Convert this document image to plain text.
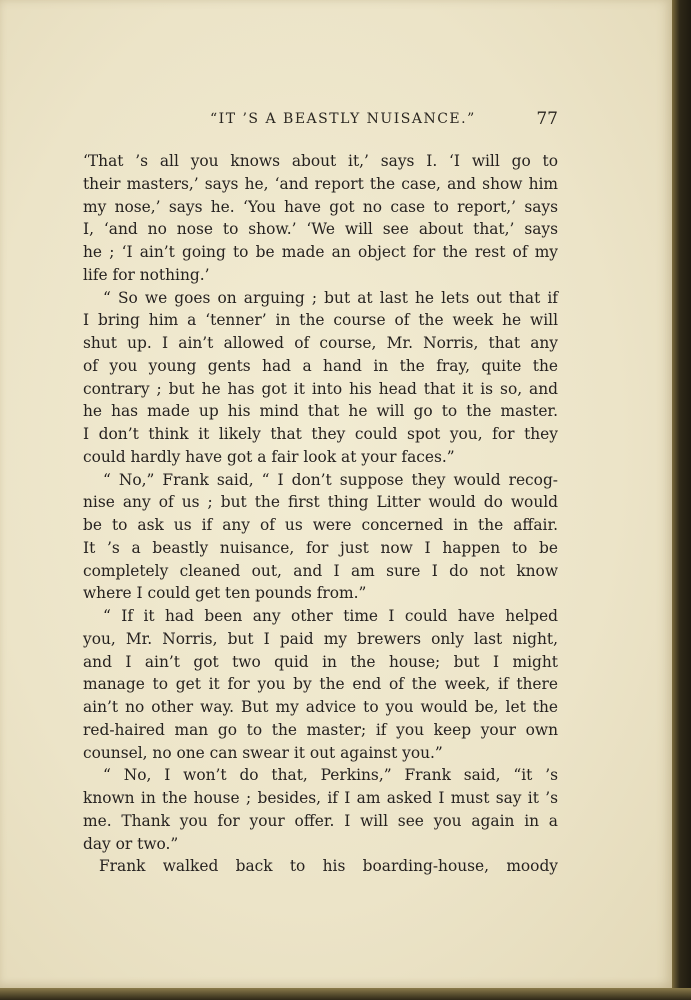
“IT ’S A BEASTLY NUISANCE.”	77
‘That ’s all you knows about it,’ says I. ‘I will go to
their masters,’ says he, ‘and report the case, and show him
my nose,’ says he. ‘You have got no case to report,’ says
I, ‘and no nose to show.’ ‘We will see about that,’ says
he ; ‘I ain’t going to be made an object for the rest of my
life for nothing.’
“ So we goes on arguing ; but at last he lets out that if
I bring him a ‘tenner’ in the course of the week he will
shut up. I ain’t allowed of course, Mr. Norris, that any
of you young gents had a hand in the fray, quite the
contrary ; but he has got it into his head that it is so, and
he has made up his mind that he will go to the master.
I don’t think it likely that they could spot you, for they
could hardly have got a fair look at your faces.”
“ No,” Frank said, “ I don’t suppose they would recog-
nise any of us ; but the first thing Litter would do would
be to ask us if any of us were concerned in the affair.
It ’s a beastly nuisance, for just now I happen to be
completely cleaned out, and I am sure I do not know
where I could get ten pounds from.”
“ If it had been any other time I could have helped
you, Mr. Norris, but I paid my brewers only last night,
and I ain’t got two quid in the house; but I might
manage to get it for you by the end of the week, if there
ain’t no other way. But my advice to you would be, let the
red-haired man go to the master; if you keep your own
counsel, no one can swear it out against you.”
“ No, I won’t do that, Perkins,” Frank said, “it ’s
known in the house ; besides, if I am asked I must say it ’s
me. Thank you for your offer. I will see you again in a
day or two.”
Frank walked back to his boarding-house, moody
